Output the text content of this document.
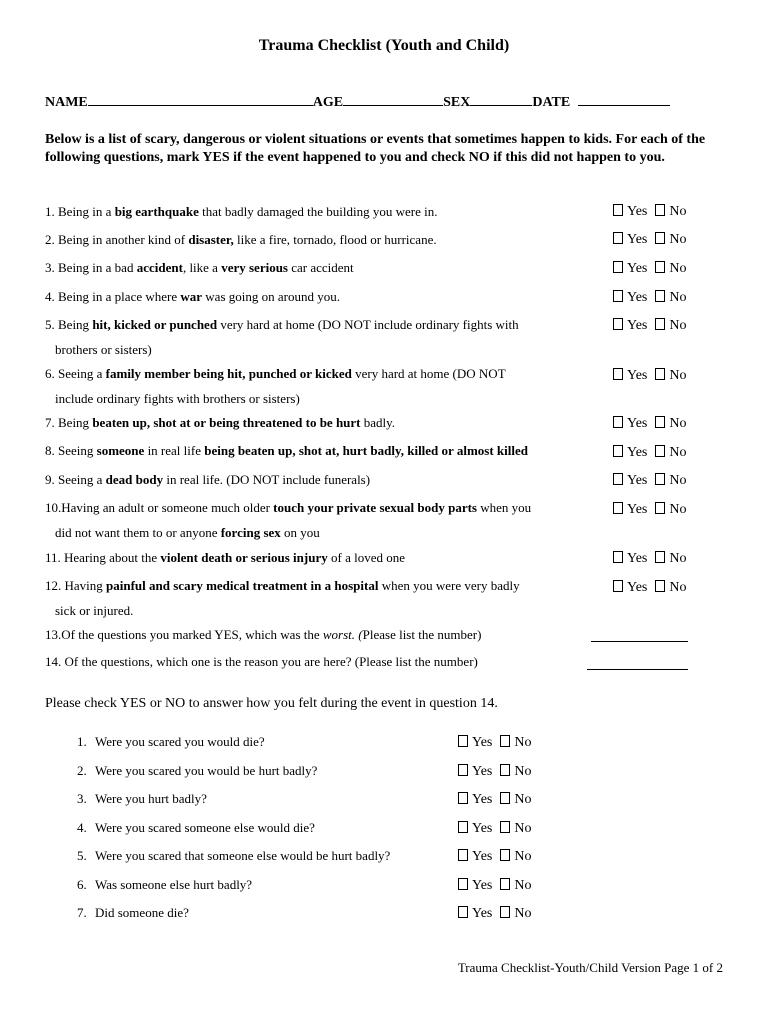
Trauma Checklist (Youth and Child)
NAME	AGE	SEX	DATE
Below is a list of scary, dangerous or violent situations or events that sometimes happen to kids. For each of the following questions, mark YES if the event happened to you and check NO if this did not happen to you.
1. Being in a big earthquake that badly damaged the building you were in.	Yes No
2. Being in another kind of disaster, like a fire, tornado, flood or hurricane.	Yes No
3. Being in a bad accident, like a very serious car accident	Yes No
4. Being in a place where war was going on around you.	Yes No
5. Being hit, kicked or punched very hard at home (DO NOT include ordinary fights with
brothers or sisters)
Yes No
6. Seeing a family member being hit, punched or kicked very hard at home (DO NOT
include ordinary fights with brothers or sisters)
Yes No
7. Being beaten up, shot at or being threatened to be hurt badly.	Yes No
8. Seeing someone in real life being beaten up, shot at, hurt badly, killed or almost killed	Yes No
9. Seeing a dead body in real life. (DO NOT include funerals)	Yes No
10.Having an adult or someone much older touch your private sexual body parts when you
did not want them to or anyone forcing sex on you
Yes No
11. Hearing about the violent death or serious injury of a loved one	Yes No
12. Having painful and scary medical treatment in a hospital when you were very badly
sick or injured.
Yes No
13.Of the questions you marked YES, which was the worst. (Please list the number)
14. Of the questions, which one is the reason you are here? (Please list the number)
Please check YES or NO to answer how you felt during the event in question 14.
1. Were you scared you would die?	Yes No
2. Were you scared you would be hurt badly?	Yes No
3. Were you hurt badly?	Yes No
4. Were you scared someone else would die?	Yes No
5. Were you scared that someone else would be hurt badly?	Yes No
6. Was someone else hurt badly?	Yes No
7. Did someone die?	Yes No
Trauma Checklist-Youth/Child Version Page 1 of 2
